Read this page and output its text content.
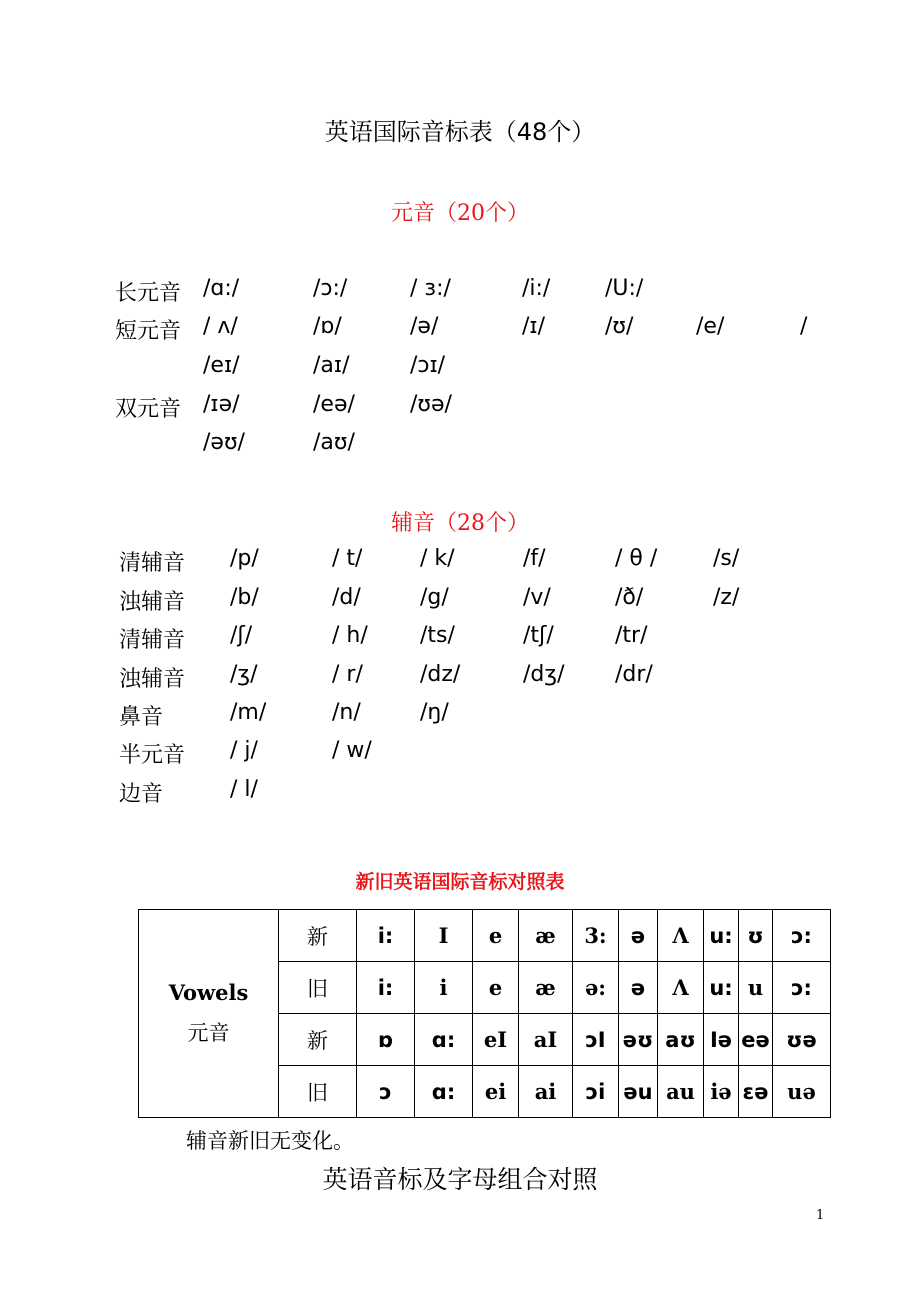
英语国际音标表（48个）
元音（20个）
长元音 /ɑ:/	/ɔ:/	/ ɜ:/	/i:/ /U:/
短元音 / ʌ/	/ɒ/	/ə/	/ɪ/	/ʊ/	/e/	/
/eɪ/	/aɪ/	/ɔɪ/
双元音 /ɪə/	/eə/	/ʊə/
/əʊ/	/aʊ/
辅音（28个）
清辅音 /p/	/ t/	/ k/	/f/	/ θ /	/s/
浊辅音 /b/	/d/	/g/	/v/	/ð/	/z/
清辅音 /ʃ/	/ h/ /ts/	/tʃ/	/tr/
浊辅音 /ʒ/	/ r/	/dz/	/dʒ/ /dr/
鼻音	/m/	/n/	/ŋ/
半元音 / j/	/ w/
边音	/ l/
新旧英语国际音标对照表
Vowels
元音	新	i:	I	e	æ	3:	ə	Λ	u:	ʊ	ɔ:
	旧	i:	i	e	æ	ə:	ə	Λ	u:	u	ɔ:
	新	ɒ	ɑ:	eI	aI	ɔI	əʊ	aʊ	Iə	eə	ʊə
	旧	ɔ	ɑ:	ei	ai	ɔi	əu	au	iə	ɛə	uə
辅音新旧无变化。
英语音标及字母组合对照
1
